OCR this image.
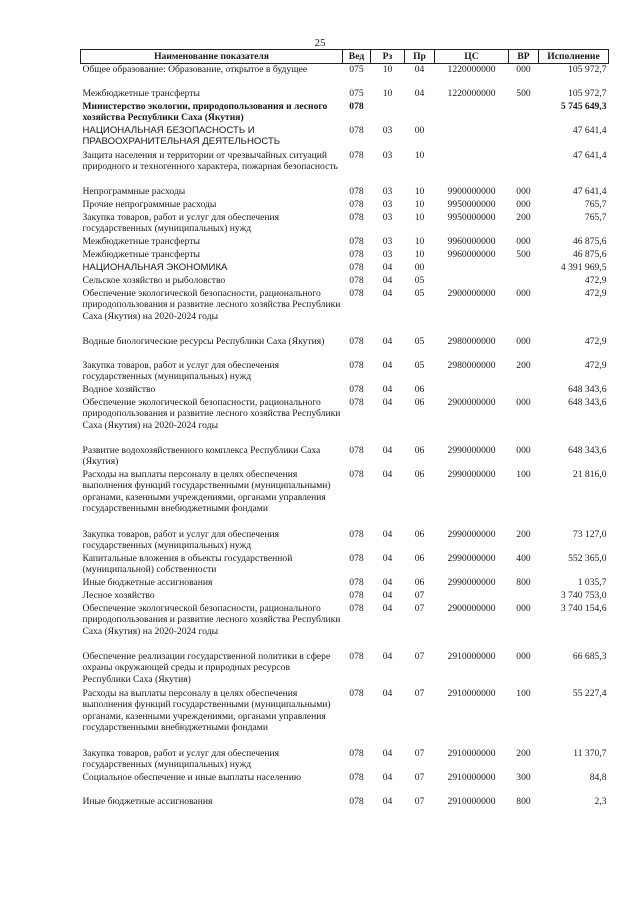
25
Наименование показателя	Вед	Рз	Пр	ЦС	ВР	Исполнение
Общее образование: Образование, открытое в будущее	075	10	04	1220000000	000	105 972,7
Межбюджетные трансферты	075	10	04	1220000000	500	105 972,7
Министерство экологии, природопользования и лесного хозяйства Республики Саха (Якутия)	078					5 745 649,3
НАЦИОНАЛЬНАЯ БЕЗОПАСНОСТЬ И ПРАВООХРАНИТЕЛЬНАЯ ДЕЯТЕЛЬНОСТЬ	078	03	00			47 641,4
Защита населения и территории от чрезвычайных ситуаций природного и техногенного характера, пожарная безопасность	078	03	10			47 641,4
Непрограммные расходы	078	03	10	9900000000	000	47 641,4
Прочие непрограммные расходы	078	03	10	9950000000	000	765,7
Закупка товаров, работ и услуг для обеспечения государственных (муниципальных) нужд	078	03	10	9950000000	200	765,7
Межбюджетные трансферты	078	03	10	9960000000	000	46 875,6
Межбюджетные трансферты	078	03	10	9960000000	500	46 875,6
НАЦИОНАЛЬНАЯ ЭКОНОМИКА	078	04	00			4 391 969,5
Сельское хозяйство и рыболовство	078	04	05			472,9
Обеспечение экологической безопасности, рационального природопользования и развитие лесного хозяйства Республики Саха (Якутия) на 2020-2024 годы	078	04	05	2900000000	000	472,9
Водные биологические ресурсы Республики Саха (Якутия)	078	04	05	2980000000	000	472,9
Закупка товаров, работ и услуг для обеспечения государственных (муниципальных) нужд	078	04	05	2980000000	200	472,9
Водное хозяйство	078	04	06			648 343,6
Обеспечение экологической безопасности, рационального природопользования и развитие лесного хозяйства Республики Саха (Якутия) на 2020-2024 годы	078	04	06	2900000000	000	648 343,6
Развитие водохозяйственного комплекса Республики Саха (Якутия)	078	04	06	2990000000	000	648 343,6
Расходы на выплаты персоналу в целях обеспечения выполнения функций государственными (муниципальными) органами, казенными учреждениями, органами управления государственными внебюджетными фондами	078	04	06	2990000000	100	21 816,0
Закупка товаров, работ и услуг для обеспечения государственных (муниципальных) нужд	078	04	06	2990000000	200	73 127,0
Капитальные вложения в объекты государственной (муниципальной) собственности	078	04	06	2990000000	400	552 365,0
Иные бюджетные ассигнования	078	04	06	2990000000	800	1 035,7
Лесное хозяйство	078	04	07			3 740 753,0
Обеспечение экологической безопасности, рационального природопользования и развитие лесного хозяйства Республики Саха (Якутия) на 2020-2024 годы	078	04	07	2900000000	000	3 740 154,6
Обеспечение реализации государственной политики в сфере охраны окружающей среды и природных ресурсов Республики Саха (Якутия)	078	04	07	2910000000	000	66 685,3
Расходы на выплаты персоналу в целях обеспечения выполнения функций государственными (муниципальными) органами, казенными учреждениями, органами управления государственными внебюджетными фондами	078	04	07	2910000000	100	55 227,4
Закупка товаров, работ и услуг для обеспечения государственных (муниципальных) нужд	078	04	07	2910000000	200	11 370,7
Социальное обеспечение и иные выплаты населению	078	04	07	2910000000	300	84,8
Иные бюджетные ассигнования	078	04	07	2910000000	800	2,3
